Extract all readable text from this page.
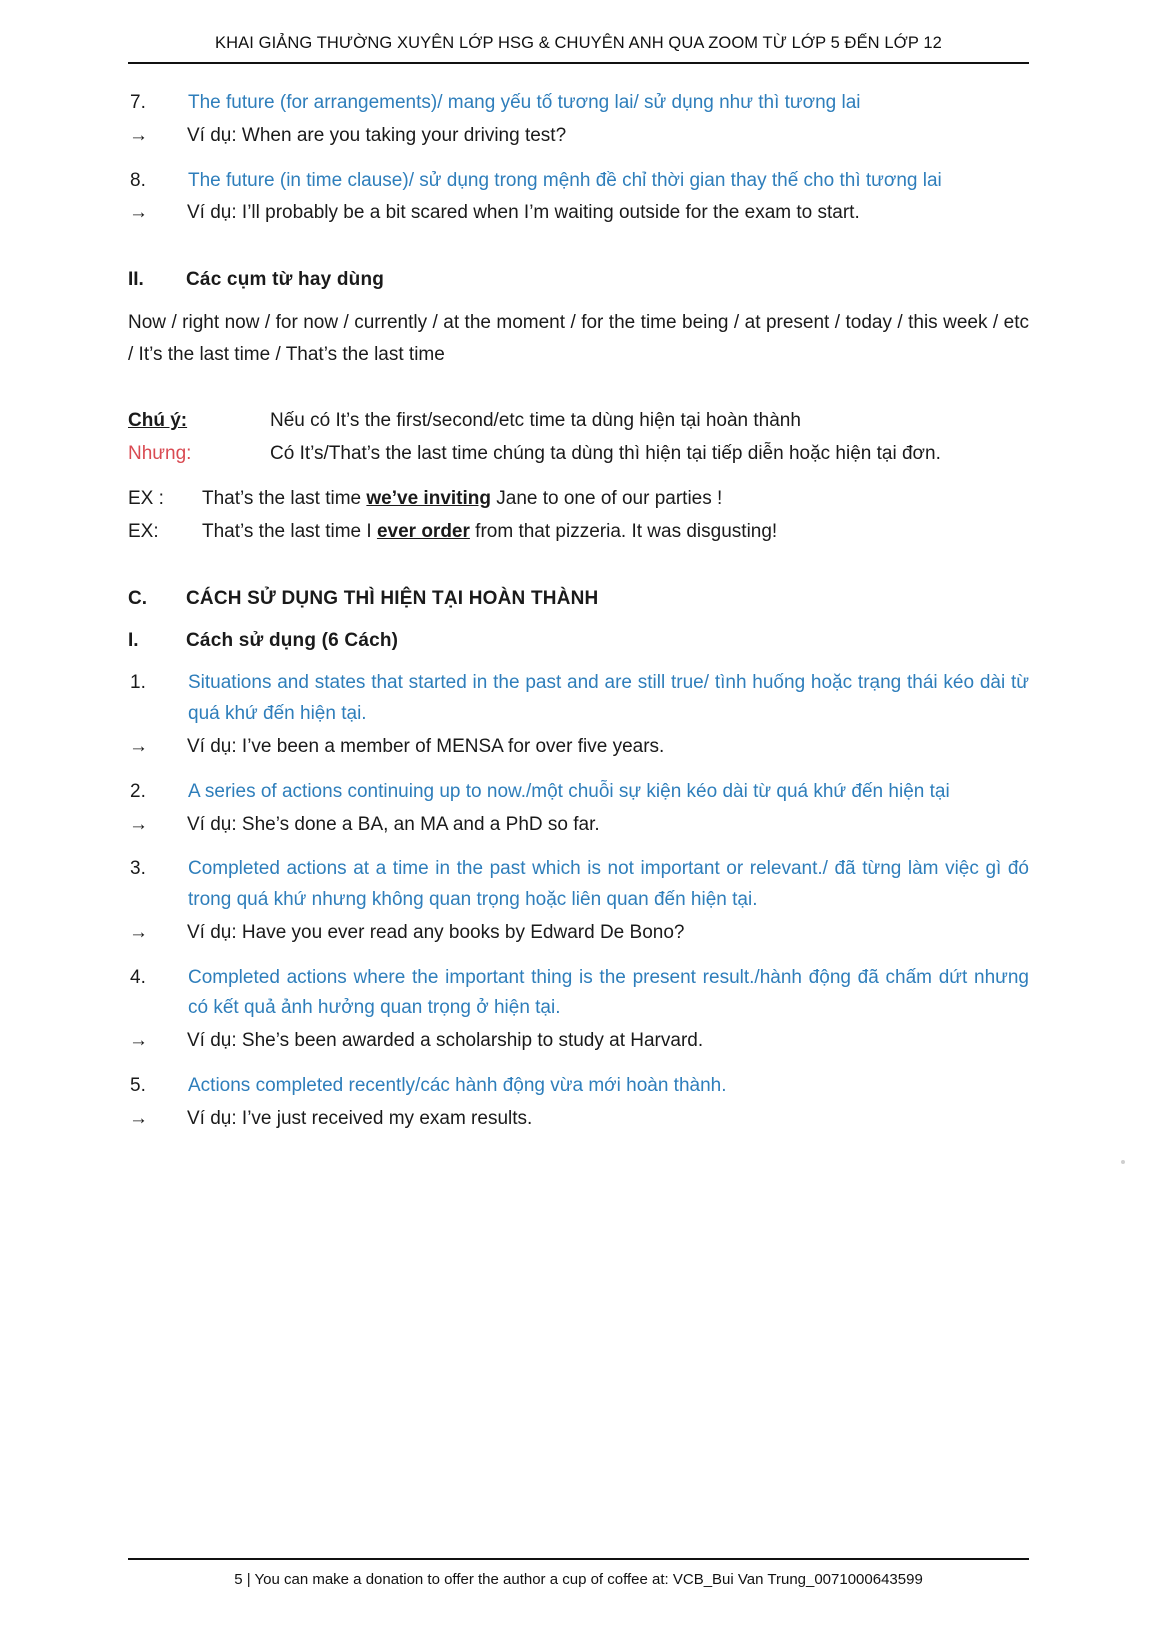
KHAI GIẢNG THƯỜNG XUYÊN LỚP HSG & CHUYÊN ANH QUA ZOOM TỪ LỚP 5 ĐẾN LỚP 12
7.	The future (for arrangements)/ mang yếu tố tương lai/ sử dụng như thì tương lai
→	Ví dụ: When are you taking your driving test?
8.	The future (in time clause)/ sử dụng trong mệnh đề chỉ thời gian thay thế cho thì tương lai
→	Ví dụ: I’ll probably be a bit scared when I’m waiting outside for the exam to start.
II.	Các cụm từ hay dùng
Now / right now / for now / currently / at the moment / for the time being / at present / today / this week / etc / It’s the last time / That’s the last time
Chú ý:	Nếu có It’s the first/second/etc time ta dùng hiện tại hoàn thành
Nhưng:	Có It’s/That’s the last time chúng ta dùng thì hiện tại tiếp diễn hoặc hiện tại đơn.
EX :	That’s the last time we’ve inviting Jane to one of our parties !
EX:	That’s the last time I ever order from that pizzeria. It was disgusting!
C.	CÁCH SỬ DỤNG THÌ HIỆN TẠI HOÀN THÀNH
I.	Cách sử dụng (6 Cách)
1.	Situations and states that started in the past and are still true/ tình huống hoặc trạng thái kéo dài từ quá khứ đến hiện tại.
→	Ví dụ: I’ve been a member of MENSA for over five years.
2.	A series of actions continuing up to now./một chuỗi sự kiện kéo dài từ quá khứ đến hiện tại
→	Ví dụ: She’s done a BA, an MA and a PhD so far.
3.	Completed actions at a time in the past which is not important or relevant./ đã từng làm việc gì đó trong quá khứ nhưng không quan trọng hoặc liên quan đến hiện tại.
→	Ví dụ: Have you ever read any books by Edward De Bono?
4.	Completed actions where the important thing is the present result./hành động đã chấm dứt nhưng có kết quả ảnh hưởng quan trọng ở hiện tại.
→	Ví dụ: She’s been awarded a scholarship to study at Harvard.
5.	Actions completed recently/các hành động vừa mới hoàn thành.
→	Ví dụ: I’ve just received my exam results.
5 | You can make a donation to offer the author a cup of coffee at: VCB_Bui Van Trung_0071000643599
